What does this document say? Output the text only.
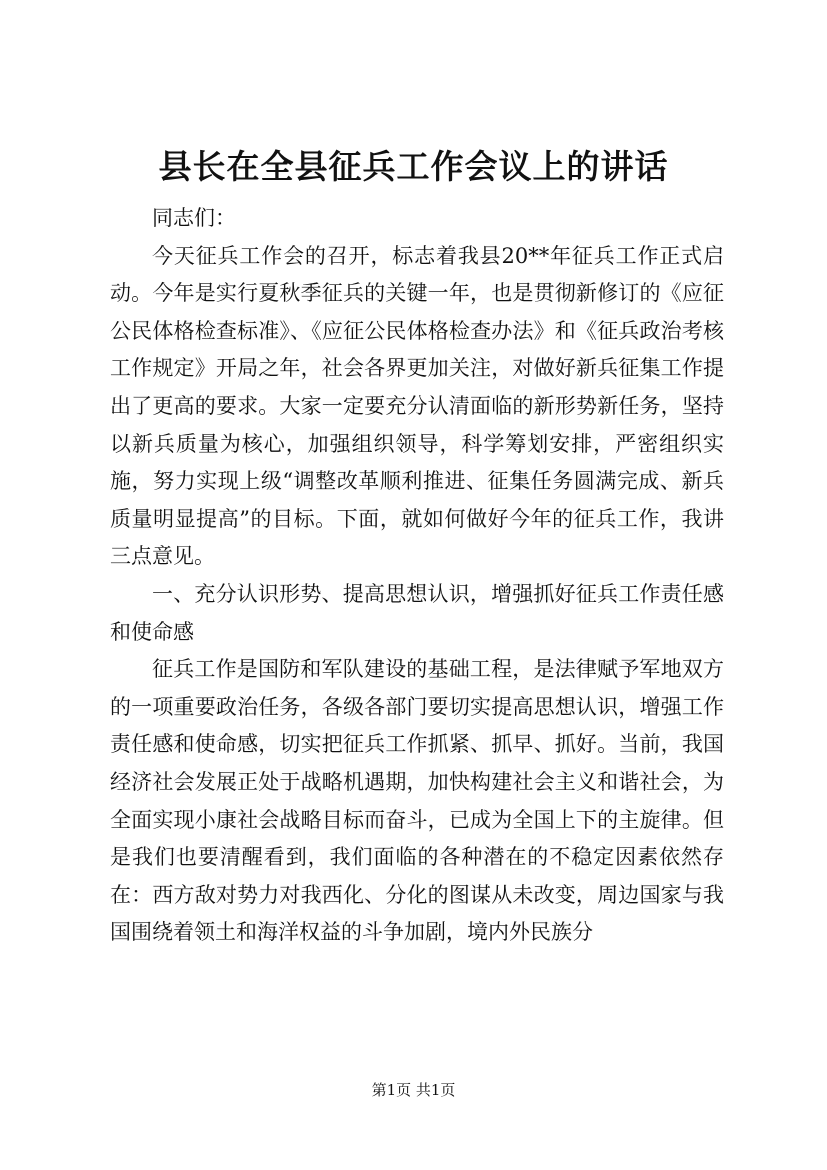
县长在全县征兵工作会议上的讲话

同志们：

今天征兵工作会的召开，标志着我县20**年征兵工作正式启动。今年是实行夏秋季征兵的关键一年，也是贯彻新修订的《应征公民体格检查标准》、《应征公民体格检查办法》和《征兵政治考核工作规定》开局之年，社会各界更加关注，对做好新兵征集工作提出了更高的要求。大家一定要充分认清面临的新形势新任务，坚持以新兵质量为核心，加强组织领导，科学筹划安排，严密组织实施，努力实现上级“调整改革顺利推进、征集任务圆满完成、新兵质量明显提高”的目标。下面，就如何做好今年的征兵工作，我讲三点意见。

一、充分认识形势、提高思想认识，增强抓好征兵工作责任感和使命感

征兵工作是国防和军队建设的基础工程，是法律赋予军地双方的一项重要政治任务，各级各部门要切实提高思想认识，增强工作责任感和使命感，切实把征兵工作抓紧、抓早、抓好。当前，我国经济社会发展正处于战略机遇期，加快构建社会主义和谐社会，为全面实现小康社会战略目标而奋斗，已成为全国上下的主旋律。但是我们也要清醒看到，我们面临的各种潜在的不稳定因素依然存在：西方敌对势力对我西化、分化的图谋从未改变，周边国家与我国围绕着领土和海洋权益的斗争加剧，境内外民族分

第1页 共1页
